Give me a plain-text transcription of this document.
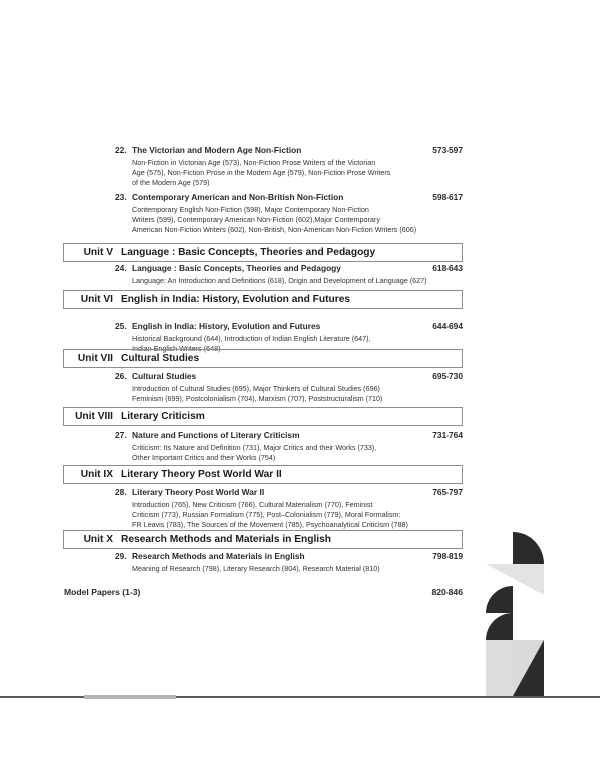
22. The Victorian and Modern Age Non-Fiction	573-597
Non-Fiction in Victorian Age (573), Non-Fiction Prose Writers of the Victorian
Age (575), Non-Fiction Prose in the Modern Age (579), Non-Fiction Prose Writers
of the Modern Age (579)
23. Contemporary American and Non-British Non-Fiction	598-617
Contemporary English Non-Fiction (598), Major Contemporary Non-Fiction
Writers (599), Contemporary American Non-Fiction (602),Major Contemporary
American Non-Fiction Writers (602), Non-British, Non-American Non-Fiction Writers (606)
24. Language : Basic Concepts, Theories and Pedagogy	618-643
Language: An Introduction and Definitions (618), Origin and Development of Language (627)
25. English in India: History, Evolution and Futures	644-694
Historical Background (644), Introduction of Indian English Literature (647),
Indian English Writers (648)
26. Cultural Studies	695-730
Introduction of Cultural Studies (695), Major Thinkers of Cultural Studies (696)
Feminism (699), Postcolonialism (704), Marxism (707), Poststructuralism (710)
27. Nature and Functions of Literary Criticism	731-764
Criticism: Its Nature and Definition (731), Major Critics and their Works (733),
Other Important Critics and their Works (754)
28. Literary Theory Post World War II	765-797
Introduction (765), New Criticism (766), Cultural Materialism (770), Feminist
Criticism (773), Russian Formalism (775), Post–Colonialism (779), Moral Formalism:
FR Leavis (783), The Sources of the Movement (785), Psychoanalytical Criticism (788)
29. Research Methods and Materials in English	798-819
Meaning of Research (798), Literary Research (804), Research Material (810)
Unit V Language : Basic Concepts, Theories and Pedagogy
Unit VI English in India: History, Evolution and Futures
Unit VII Cultural Studies
Unit VIII Literary Criticism
Unit IX Literary Theory Post World War II
Unit X Research Methods and Materials in English
Model Papers (1-3)	820-846
